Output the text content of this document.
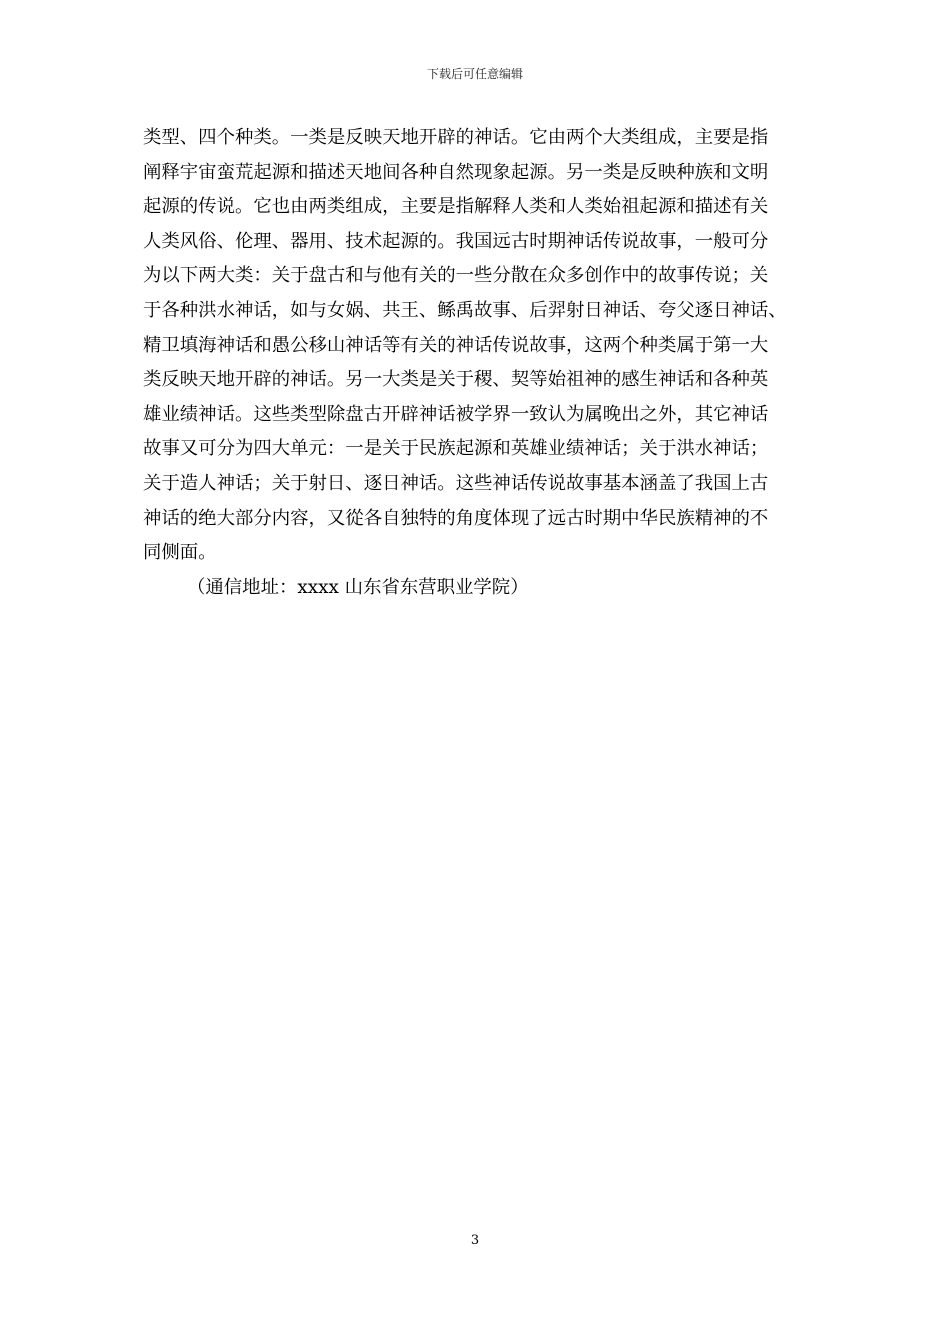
下载后可任意编辑
类型、四个种类。一类是反映天地开辟的神话。它由两个大类组成，主要是指
阐释宇宙蛮荒起源和描述天地间各种自然现象起源。另一类是反映种族和文明
起源的传说。它也由两类组成，主要是指解释人类和人类始祖起源和描述有关
人类风俗、伦理、器用、技术起源的。我国远古时期神话传说故事，一般可分
为以下两大类：关于盘古和与他有关的一些分散在众多创作中的故事传说；关
于各种洪水神话，如与女娲、共王、鲧禹故事、后羿射日神话、夸父逐日神话、
精卫填海神话和愚公移山神话等有关的神话传说故事，这两个种类属于第一大
类反映天地开辟的神话。另一大类是关于稷、契等始祖神的感生神话和各种英
雄业绩神话。这些类型除盘古开辟神话被学界一致认为属晚出之外，其它神话
故事又可分为四大单元：一是关于民族起源和英雄业绩神话；关于洪水神话；
关于造人神话；关于射日、逐日神话。这些神话传说故事基本涵盖了我国上古
神话的绝大部分内容，又從各自独特的角度体现了远古时期中华民族精神的不
同侧面。
（通信地址：xxxx 山东省东营职业学院）
3
